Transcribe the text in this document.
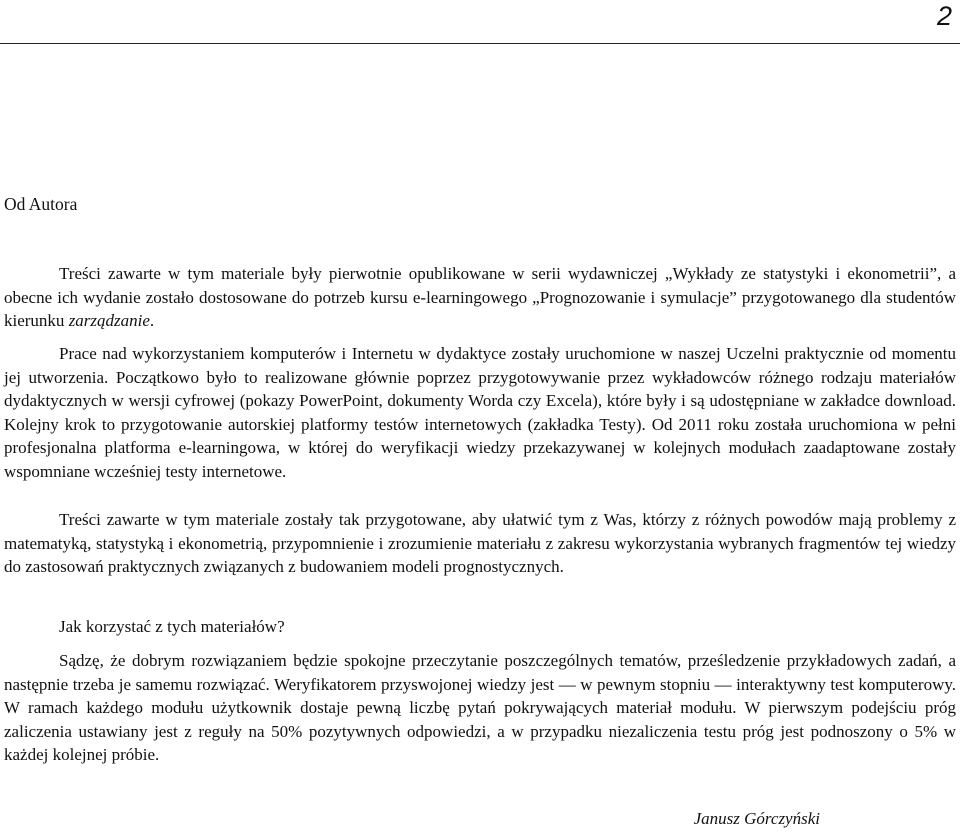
2
Od Autora

Treści zawarte w tym materiale były pierwotnie opublikowane w serii wydawniczej „Wykłady ze statystyki i ekonometrii”, a obecne ich wydanie zostało dostosowane do potrzeb kursu e-learningowego „Prognozowanie i symulacje” przygotowanego dla studentów kierunku zarządzanie.

Prace nad wykorzystaniem komputerów i Internetu w dydaktyce zostały uruchomione w naszej Uczelni praktycznie od momentu jej utworzenia. Początkowo było to realizowane głównie poprzez przygotowywanie przez wykładowców różnego rodzaju materiałów dydaktycznych w wersji cyfrowej (pokazy PowerPoint, dokumenty Worda czy Excela), które były i są udostępniane w zakładce download. Kolejny krok to przygotowanie autorskiej platformy testów internetowych (zakładka Testy). Od 2011 roku została uruchomiona w pełni profesjonalna platforma e-learningowa, w której do weryfikacji wiedzy przekazywanej w kolejnych modułach zaadaptowane zostały wspomniane wcześniej testy internetowe.

Treści zawarte w tym materiale zostały tak przygotowane, aby ułatwić tym z Was, którzy z różnych powodów mają problemy z matematyką, statystyką i ekonometrią, przypomnienie i zrozumienie materiału z zakresu wykorzystania wybranych fragmentów tej wiedzy do zastosowań praktycznych związanych z budowaniem modeli prognostycznych.

Jak korzystać z tych materiałów?

Sądzę, że dobrym rozwiązaniem będzie spokojne przeczytanie poszczególnych tematów, prześledzenie przykładowych zadań, a następnie trzeba je samemu rozwiązać. Weryfikatorem przyswojonej wiedzy jest — w pewnym stopniu — interaktywny test komputerowy. W ramach każdego modułu użytkownik dostaje pewną liczbę pytań pokrywających materiał modułu. W pierwszym podejściu próg zaliczenia ustawiany jest z reguły na 50% pozytywnych odpowiedzi, a w przypadku niezaliczenia testu próg jest podnoszony o 5% w każdej kolejnej próbie.

Janusz Górczyński
